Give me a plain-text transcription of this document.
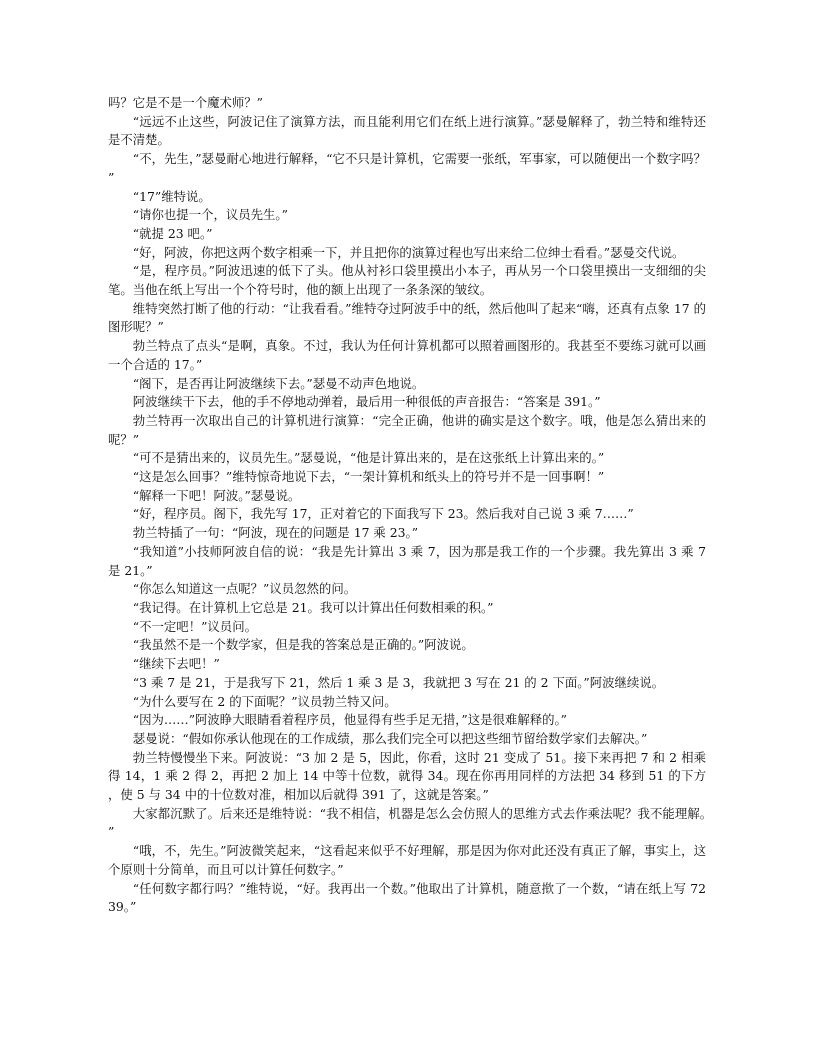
吗？它是不是一个魔术师？”

“远远不止这些，阿波记住了演算方法，而且能利用它们在纸上进行演算。”瑟曼解释了，勃兰特和维特还是不清楚。

“不，先生，”瑟曼耐心地进行解释，“它不只是计算机，它需要一张纸，军事家，可以随便出一个数字吗？”

“17”维特说。

“请你也提一个，议员先生。”

“就提 23 吧。”

“好，阿波，你把这两个数字相乘一下，并且把你的演算过程也写出来给二位绅士看看。”瑟曼交代说。

“是，程序员。”阿波迅速的低下了头。他从衬衫口袋里摸出小本子，再从另一个口袋里摸出一支细细的尖笔。当他在纸上写出一个个符号时，他的额上出现了一条条深的皱纹。

维特突然打断了他的行动：“让我看看。”维特夺过阿波手中的纸，然后他叫了起来“嗨，还真有点象 17 的图形呢？”

勃兰特点了点头“是啊，真象。不过，我认为任何计算机都可以照着画图形的。我甚至不要练习就可以画一个合适的 17。”

“阁下，是否再让阿波继续下去。”瑟曼不动声色地说。

阿波继续干下去，他的手不停地动弹着，最后用一种很低的声音报告：“答案是 391。”

勃兰特再一次取出自己的计算机进行演算：“完全正确，他讲的确实是这个数字。哦，他是怎么猜出来的呢？”

“可不是猜出来的，议员先生。”瑟曼说，“他是计算出来的，是在这张纸上计算出来的。”

“这是怎么回事？”维特惊奇地说下去，“一架计算机和纸头上的符号并不是一回事啊！”

“解释一下吧！阿波。”瑟曼说。

“好，程序员。阁下，我先写 17，正对着它的下面我写下 23。然后我对自己说 3 乘 7……”

勃兰特插了一句：“阿波，现在的问题是 17 乘 23。”

“我知道”小技师阿波自信的说：“我是先计算出 3 乘 7，因为那是我工作的一个步骤。我先算出 3 乘 7 是 21。”

“你怎么知道这一点呢？”议员忽然的问。

“我记得。在计算机上它总是 21。我可以计算出任何数相乘的积。”

“不一定吧！”议员问。

“我虽然不是一个数学家，但是我的答案总是正确的。”阿波说。

“继续下去吧！”

“3 乘 7 是 21，于是我写下 21，然后 1 乘 3 是 3，我就把 3 写在 21 的 2 下面。”阿波继续说。

“为什么要写在 2 的下面呢？”议员勃兰特又问。

“因为……”阿波睁大眼睛看着程序员，他显得有些手足无措，”这是很难解释的。”

瑟曼说：“假如你承认他现在的工作成绩，那么我们完全可以把这些细节留给数学家们去解决。”

勃兰特慢慢坐下来。阿波说：“3 加 2 是 5，因此，你看，这时 21 变成了 51。接下来再把 7 和 2 相乘得 14，1 乘 2 得 2，再把 2 加上 14 中等十位数，就得 34。现在你再用同样的方法把 34 移到 51 的下方，使 5 与 34 中的十位数对准，相加以后就得 391 了，这就是答案。”

大家都沉默了。后来还是维特说：“我不相信，机器是怎么会仿照人的思维方式去作乘法呢？我不能理解。”

“哦，不，先生。”阿波微笑起来，“这看起来似乎不好理解，那是因为你对此还没有真正了解，事实上，这个原则十分简单，而且可以计算任何数字。”

“任何数字都行吗？”维特说，“好。我再出一个数。”他取出了计算机，随意揿了一个数，“请在纸上写 7239。”
